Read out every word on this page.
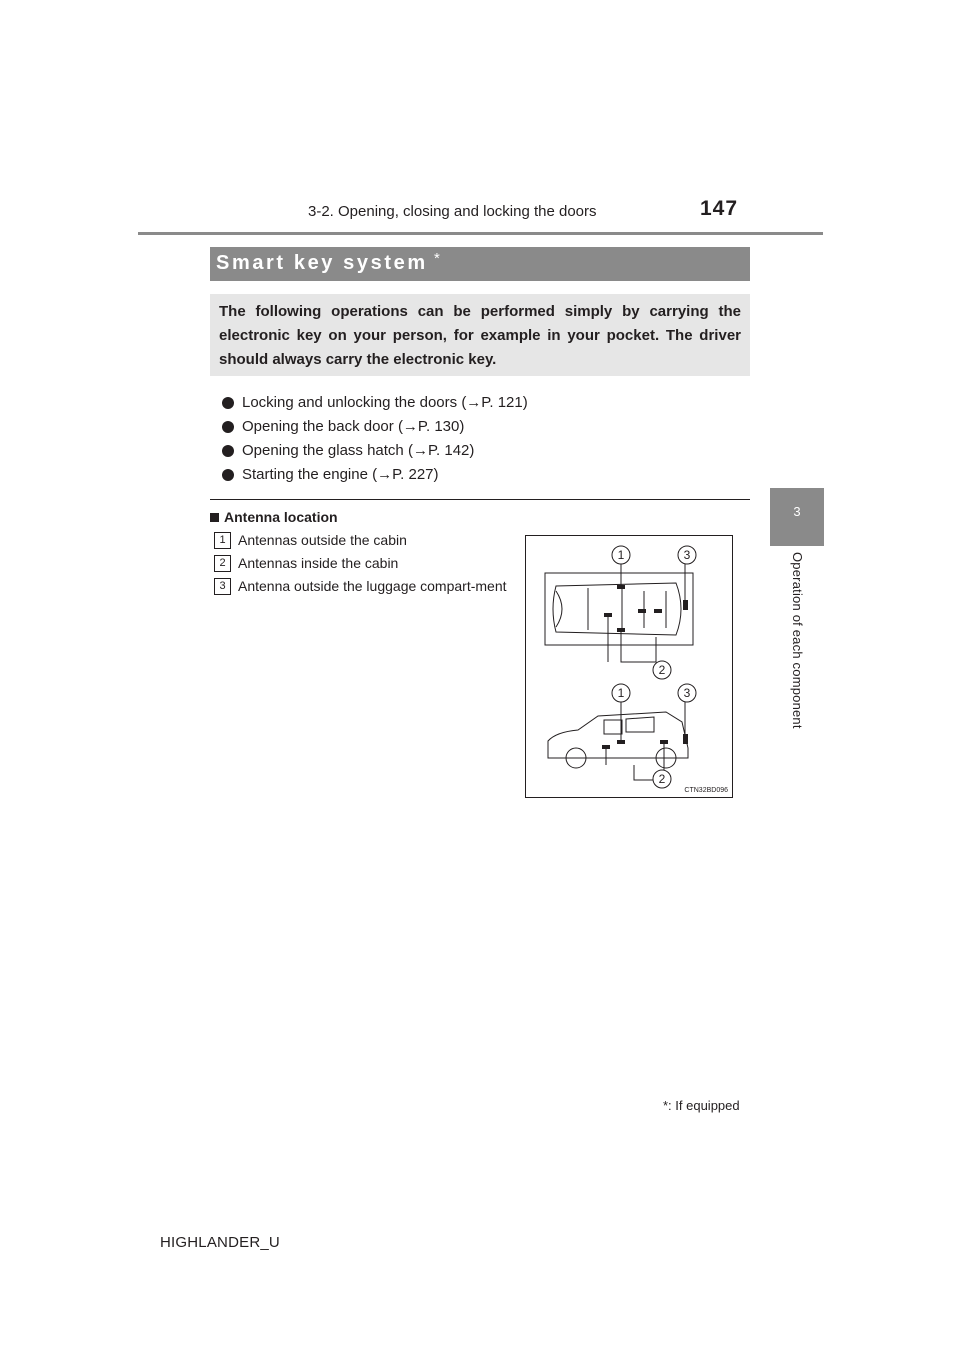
3-2. Opening, closing and locking the doors	147
3
Operation of each component
Smart key system *

The following operations can be performed simply by carrying the electronic key on your person, for example in your pocket. The driver should always carry the electronic key.

Locking and unlocking the doors (→P. 121)
Opening the back door (→P. 130)
Opening the glass hatch (→P. 142)
Starting the engine (→P. 227)
Antenna location
1 Antennas outside the cabin
2 Antennas inside the cabin
3 Antenna outside the luggage compart-ment
1	3
2
1	3
2
CTN32BD096
*: If equipped
HIGHLANDER_U
